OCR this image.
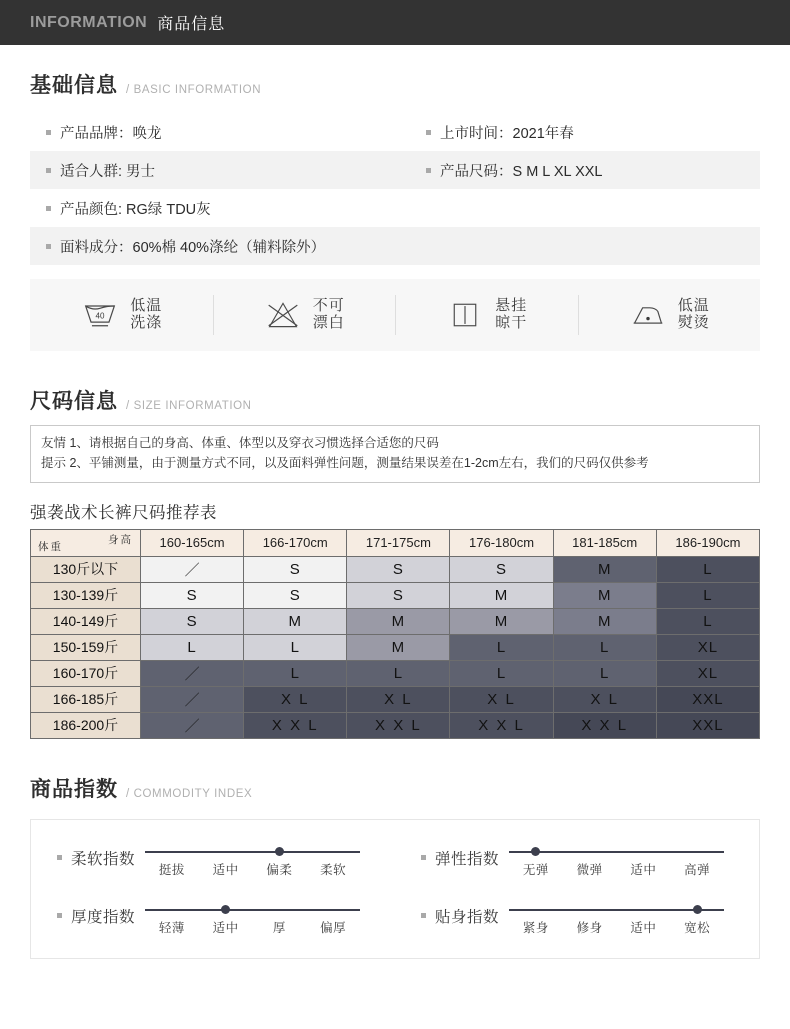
INFORMATION 商品信息
基础信息 / BASIC INFORMATION
产品品牌：唤龙	上市时间：2021年春
适合人群: 男士	产品尺码：S M L XL XXL
产品颜色: RG绿 TDU灰
面料成分：60%棉 40%涤纶（辅料除外）
40
低温
洗涤
不可
漂白
悬挂
晾干
低温
熨烫
尺码信息 / SIZE INFORMATION
友情 1、请根据自己的身高、体重、体型以及穿衣习惯选择合适您的尺码
提示 2、平铺测量，由于测量方式不同，以及面料弹性问题，测量结果误差在1-2cm左右，我们的尺码仅供参考
强袭战术长裤尺码推荐表
身高
体重	160-165cm	166-170cm	171-175cm	176-180cm	181-185cm	186-190cm
130斤以下	／	S	S	S	M	L
130-139斤	S	S	S	M	M	L
140-149斤	S	M	M	M	M	L
150-159斤	L	L	M	L	L	XL
160-170斤	／	L	L	L	L	XL
166-185斤	／	X L	X L	X L	X L	XXL
186-200斤	／	X X L	X X L	X X L	X X L	XXL
商品指数 / COMMODITY INDEX
柔软指数
挺拔	适中	偏柔	柔软
弹性指数
无弹	微弹	适中	高弹
厚度指数
轻薄	适中	厚	偏厚
贴身指数
紧身	修身	适中	宽松
